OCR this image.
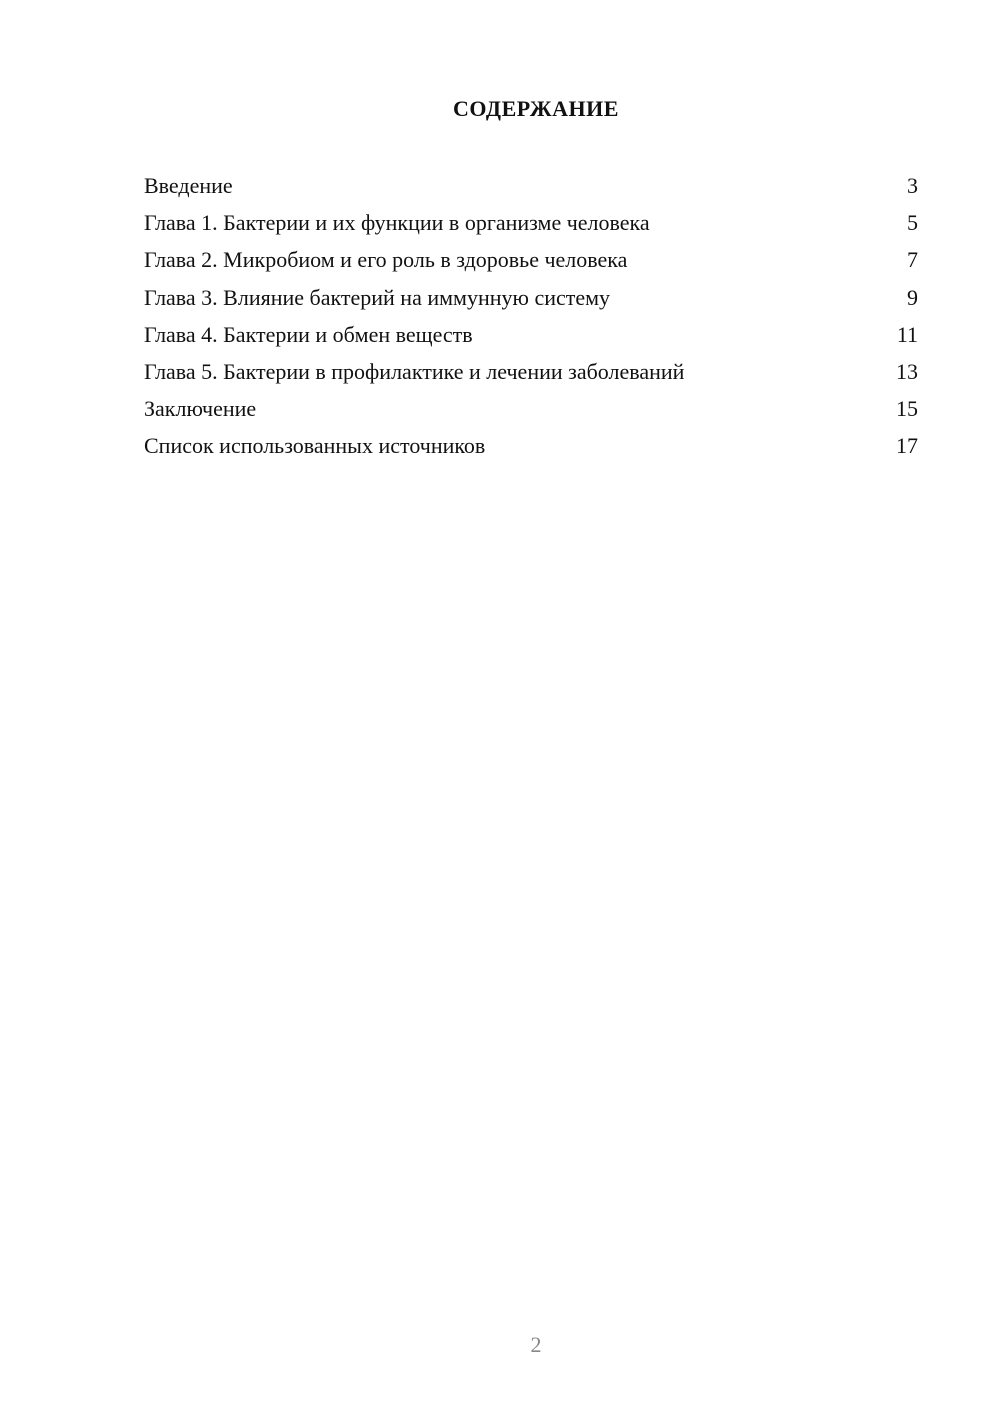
СОДЕРЖАНИЕ
Введение	3
Глава 1. Бактерии и их функции в организме человека	5
Глава 2. Микробиом и его роль в здоровье человека	7
Глава 3. Влияние бактерий на иммунную систему	9
Глава 4. Бактерии и обмен веществ	11
Глава 5. Бактерии в профилактике и лечении заболеваний	13
Заключение	15
Список использованных источников	17
2
